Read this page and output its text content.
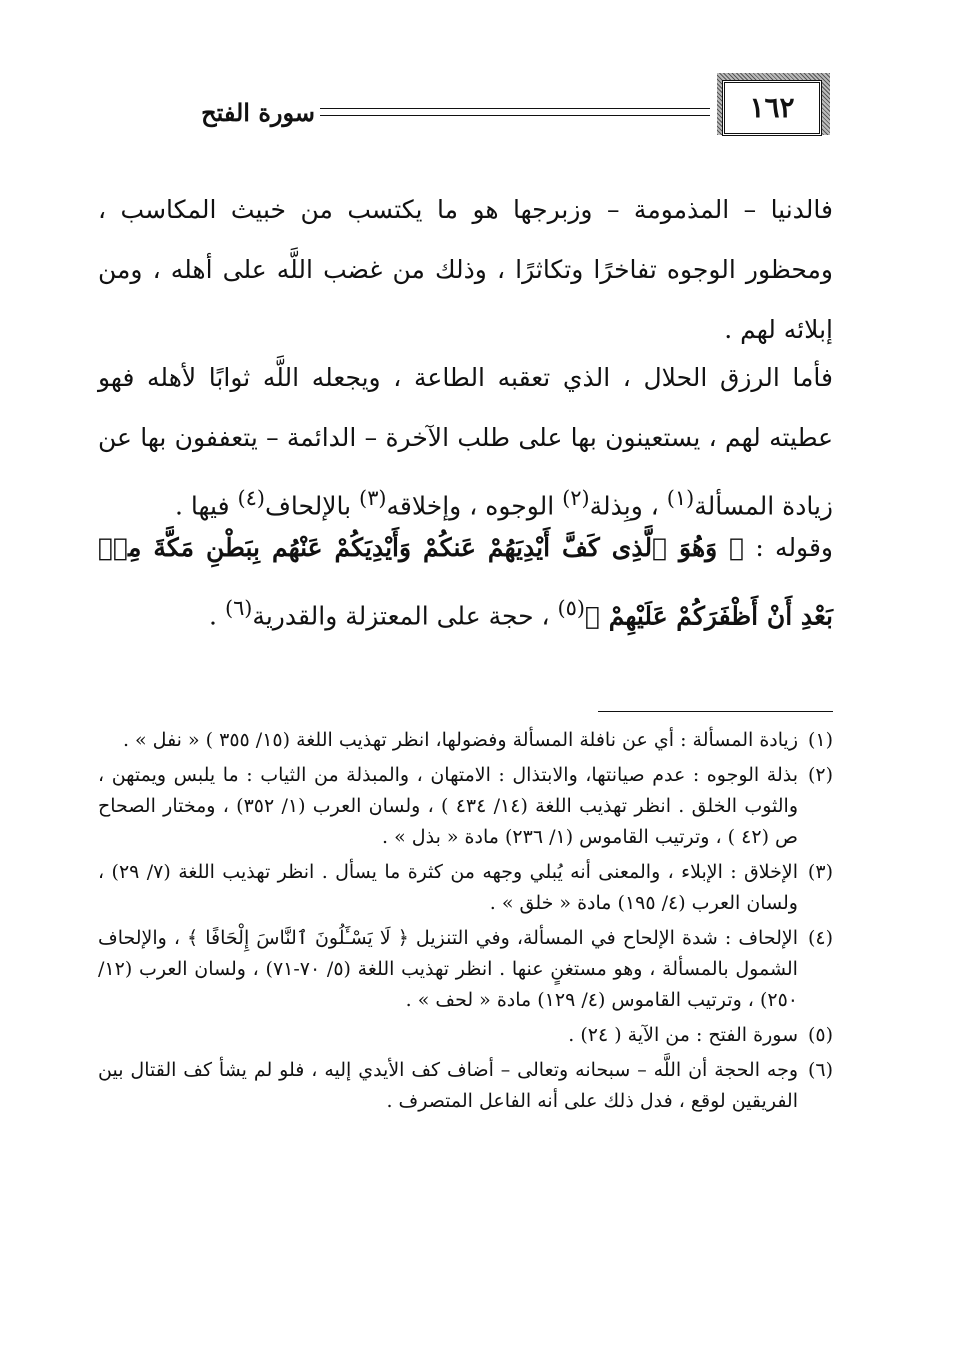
١٦٢
سورة الفتح

فالدنيا – المذمومة – وزبرجها هو ما يكتسب من خبيث المكاسب ، ومحظور الوجوه تفاخرًا وتكاثرًا ، وذلك من غضب اللَّه على أهله ، ومن إبلائه لهم .

فأما الرزق الحلال ، الذي تعقبه الطاعة ، ويجعله اللَّه ثوابًا لأهله فهو عطيته لهم ، يستعينون بها على طلب الآخرة – الدائمة – يتعففون بها عن زيادة المسألة$^{(١)}$ ، وبِذلة$^{(٢)}$ الوجوه ، وإخلاقه$^{(٣)}$ بالإلحاف$^{(٤)}$ فيها .

وقوله : ﴿ وَهُوَ ٱلَّذِى كَفَّ أَيْدِيَهُمْ عَنكُمْ وَأَيْدِيَكُمْ عَنْهُم بِبَطْنِ مَكَّةَ مِنۢ بَعْدِ أَنْ أَظْفَرَكُمْ عَلَيْهِمْ ﴾$^{(٥)}$ ، حجة على المعتزلة والقدرية$^{(٦)}$ .

(١)زيادة المسألة : أي عن نافلة المسألة وفضولها، انظر تهذيب اللغة (١٥/ ٣٥٥ ) « نفل » .
(٢)بذلة الوجوه : عدم صيانتها، والابتذال : الامتهان ، والمبذلة من الثياب : ما يلبس ويمتهن ، والثوب الخلق . انظر تهذيب اللغة (١٤/ ٤٣٤ ) ، ولسان العرب (١/ ٣٥٢) ، ومختار الصحاح ص (٤٢ ) ، وترتيب القاموس (١/ ٢٣٦) مادة « بذل » .
(٣)الإخلاق : الإبلاء ، والمعنى أنه يُبلي وجهه من كثرة ما يسأل . انظر تهذيب اللغة (٧/ ٢٩) ، ولسان العرب (٤/ ١٩٥) مادة « خلق » .
(٤)الإلحاف : شدة الإلحاح في المسألة، وفي التنزيل ﴿ لَا يَسْـَٔلُونَ ٱلنَّاسَ إِلْحَافًا ﴾ ، والإلحاف الشمول بالمسألة ، وهو مستغنٍ عنها . انظر تهذيب اللغة (٥/ ٧٠-٧١) ، ولسان العرب (١٢/ ٢٥٠) ، وترتيب القاموس (٤/ ١٢٩) مادة « لحف » .
(٥)سورة الفتح : من الآية ( ٢٤) .
(٦)وجه الحجة أن اللَّه – سبحانه وتعالى – أضاف كف الأيدي إليه ، فلو لم يشأ كف القتال بين الفريقين لوقع ، فدل ذلك على أنه الفاعل المتصرف .
